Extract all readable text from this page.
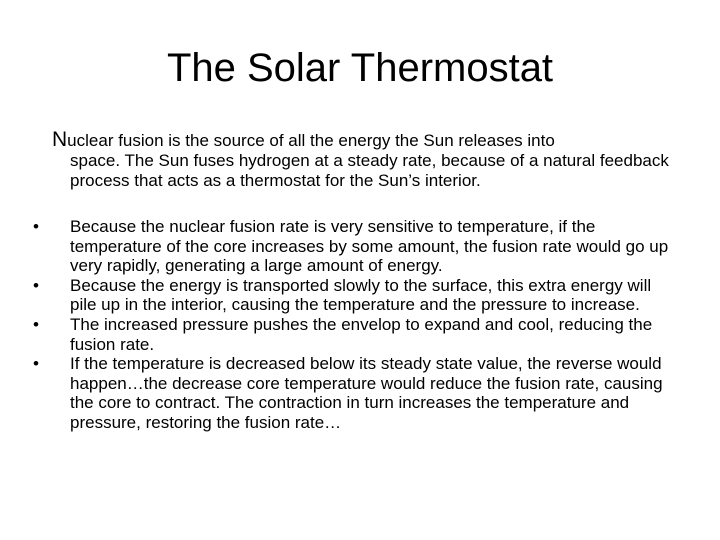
The Solar Thermostat
Nuclear fusion is the source of all the energy the Sun releases into
space. The Sun fuses hydrogen at a steady rate, because of a natural feedback process that acts as a thermostat for the Sun’s interior.
• Because the nuclear fusion rate is very sensitive to temperature, if the temperature of the core increases by some amount, the fusion rate would go up very rapidly, generating a large amount of energy.
• Because the energy is transported slowly to the surface, this extra energy will pile up in the interior, causing the temperature and the pressure to increase.
• The increased pressure pushes the envelop to expand and cool, reducing the fusion rate.
• If the temperature is decreased below its steady state value, the reverse would happen…the decrease core temperature would reduce the fusion rate, causing the core to contract. The contraction in turn increases the temperature and pressure, restoring the fusion rate…
